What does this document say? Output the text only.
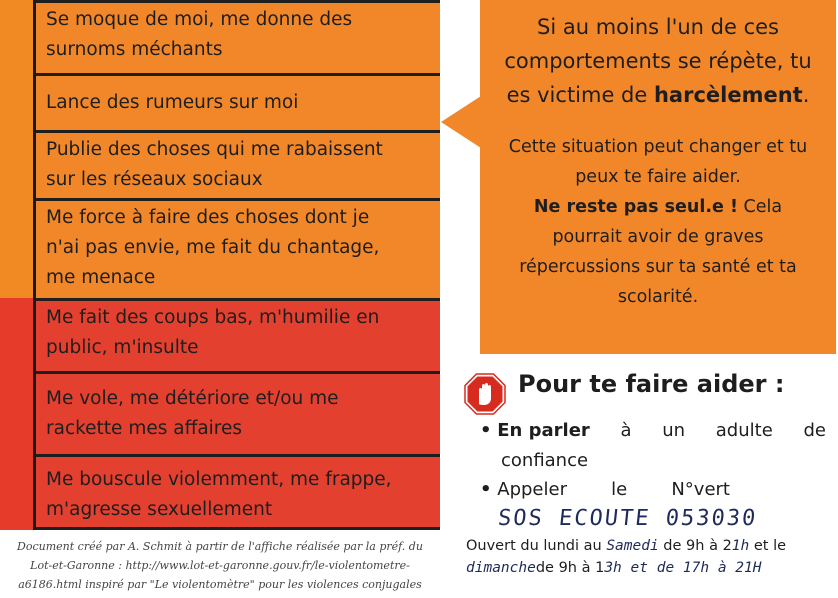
Se moque de moi, me donne des
surnoms méchants
Lance des rumeurs sur moi
Publie des choses qui me rabaissent
sur les réseaux sociaux
Me force à faire des choses dont je
n'ai pas envie, me fait du chantage,
me menace
Me fait des coups bas, m'humilie en
public, m'insulte
Me vole, me détériore et/ou me
rackette mes affaires
Me bouscule violemment, me frappe,
m'agresse sexuellement
Si au moins l'un de ces
comportements se répète, tu
es victime de harcèlement.
Cette situation peut changer et tu
peux te faire aider.
Ne reste pas seul.e ! Cela
pourrait avoir de graves
répercussions sur ta santé et ta
scolarité.
Pour te faire aider :
• En parler à un adulte de
confiance
• Appeler le N°vert
SOS ECOUTE 053030
Ouvert du lundi au Samedi de 9h à 21h et le
dimanchede 9h à 13h et de 17h à 21H
Document créé par A. Schmit à partir de l'affiche réalisée par la préf. du
Lot-et-Garonne : http://www.lot-et-garonne.gouv.fr/le-violentometre-
a6186.html inspiré par "Le violentomètre" pour les violences conjugales
